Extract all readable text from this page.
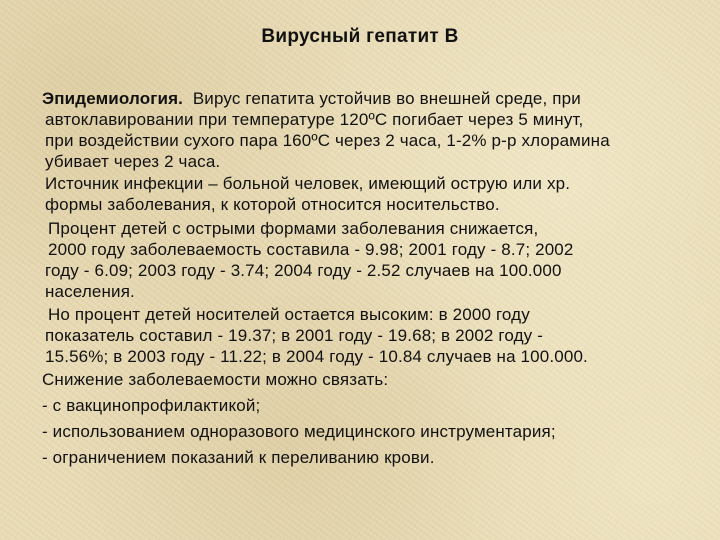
Вирусный гепатит В
Эпидемиология. Вирус гепатита устойчив во внешней среде, при
автоклавировании при температуре 120ºС погибает через 5 минут,
при воздействии сухого пара 160ºС через 2 часа, 1-2% р-р хлорамина
убивает через 2 часа.
Источник инфекции – больной человек, имеющий острую или хр.
формы заболевания, к которой относится носительство.
Процент детей с острыми формами заболевания снижается,
2000 году заболеваемость составила - 9.98; 2001 году - 8.7; 2002
году - 6.09; 2003 году - 3.74; 2004 году - 2.52 случаев на 100.000
населения.
Но процент детей носителей остается высоким: в 2000 году
показатель составил - 19.37; в 2001 году - 19.68; в 2002 году -
15.56%; в 2003 году - 11.22; в 2004 году - 10.84 случаев на 100.000.
Снижение заболеваемости можно связать:
- с вакцинопрофилактикой;
- использованием одноразового медицинского инструментария;
- ограничением показаний к переливанию крови.
